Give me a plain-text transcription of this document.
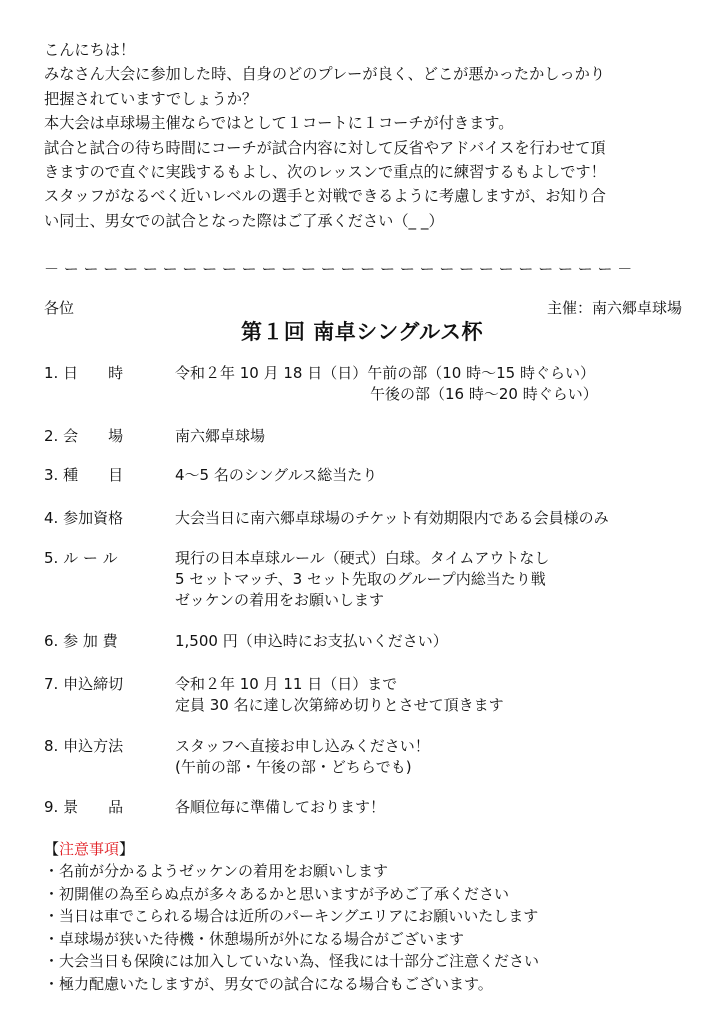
こんにちは！

みなさん大会に参加した時、自身のどのプレーが良く、どこが悪かったかしっかり

把握されていますでしょうか？

本大会は卓球場主催ならではとして１コートに１コーチが付きます。

試合と試合の待ち時間にコーチが試合内容に対して反省やアドバイスを行わせて頂

きますので直ぐに実践するもよし、次のレッスンで重点的に練習するもよしです！

スタッフがなるべく近いレベルの選手と対戦できるように考慮しますが、お知り合

い同士、男女での試合となった際はご了承ください（_ _）

－ ー ー ー ー ー ー ー ー ー ー ー ー ー ー ー ー ー ー ー ー ー ー ー ー ー ー ー ー －
各位	主催：南六郷卓球場
第１回 南卓シングルス杯
1. 日　　時	令和２年 10 月 18 日（日）午前の部（10 時〜15 時ぐらい）
　　　　　　　　　　　　　午後の部（16 時〜20 時ぐらい）
2. 会　　場	南六郷卓球場
3. 種　　目	4〜5 名のシングルス総当たり
4. 参加資格	大会当日に南六郷卓球場のチケット有効期限内である会員様のみ
5. ル ー ル	現行の日本卓球ルール（硬式）白球。タイムアウトなし
5 セットマッチ、3 セット先取のグループ内総当たり戦
ゼッケンの着用をお願いします
6. 参 加 費	1,500 円（申込時にお支払いください）
7. 申込締切	令和２年 10 月 11 日（日）まで
定員 30 名に達し次第締め切りとさせて頂きます
8. 申込方法	スタッフへ直接お申し込みください！
(午前の部・午後の部・どちらでも)
9. 景　　品	各順位毎に準備しております！
【注意事項】
・名前が分かるようゼッケンの着用をお願いします
・初開催の為至らぬ点が多々あるかと思いますが予めご了承ください
・当日は車でこられる場合は近所のパーキングエリアにお願いいたします
・卓球場が狭いた待機・休憩場所が外になる場合がございます
・大会当日も保険には加入していない為、怪我には十部分ご注意ください
・極力配慮いたしますが、男女での試合になる場合もございます。
